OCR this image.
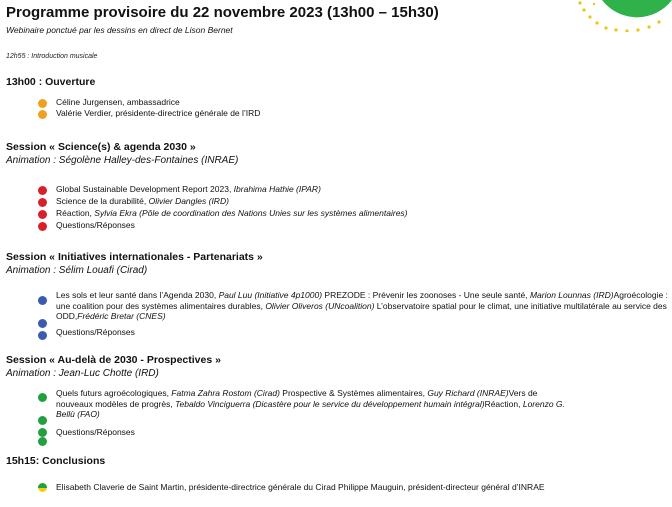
Programme provisoire du 22 novembre 2023 (13h00 – 15h30)
Webinaire ponctué par les dessins en direct de Lison Bernet
12h55 : Introduction musicale
13h00 : Ouverture
Céline Jurgensen, ambassadrice
Valérie Verdier, présidente-directrice générale de l’IRD
Session « Science(s) & agenda 2030 »
Animation : Ségolène Halley-des-Fontaines (INRAE)
Global Sustainable Development Report 2023, Ibrahima Hathie (IPAR)
Science de la durabilité, Olivier Dangles (IRD)
Réaction, Sylvia Ekra (Pôle de coordination des Nations Unies sur les systèmes alimentaires)
Questions/Réponses
Session « Initiatives internationales - Partenariats »
Animation : Sélim Louafi (Cirad)
Les sols et leur santé dans l’Agenda 2030, Paul Luu (Initiative 4p1000) PREZODE : Prévenir les zoonoses - Une seule santé, Marion Lounnas (IRD)Agroécologie : une coalition pour des systèmes alimentaires durables, Olivier Oliveros (UNcoalition) L’observatoire spatial pour le climat, une initiative multilatérale au service des ODD,Frédéric Bretar (CNES)
Questions/Réponses
Session « Au-delà de 2030 - Prospectives »
Animation : Jean-Luc Chotte (IRD)
Quels futurs agroécologiques, Fatma Zahra Rostom (Cirad) Prospective & Systèmes alimentaires, Guy Richard (INRAE)Vers de nouveaux modèles de progrès, Tebaldo Vinciguerra (Dicastère pour le service du développement humain intégral)Réaction, Lorenzo G. Bellù (FAO)
Questions/Réponses
15h15: Conclusions
Elisabeth Claverie de Saint Martin, présidente-directrice générale du Cirad Philippe Mauguin, président-directeur général d’INRAE
